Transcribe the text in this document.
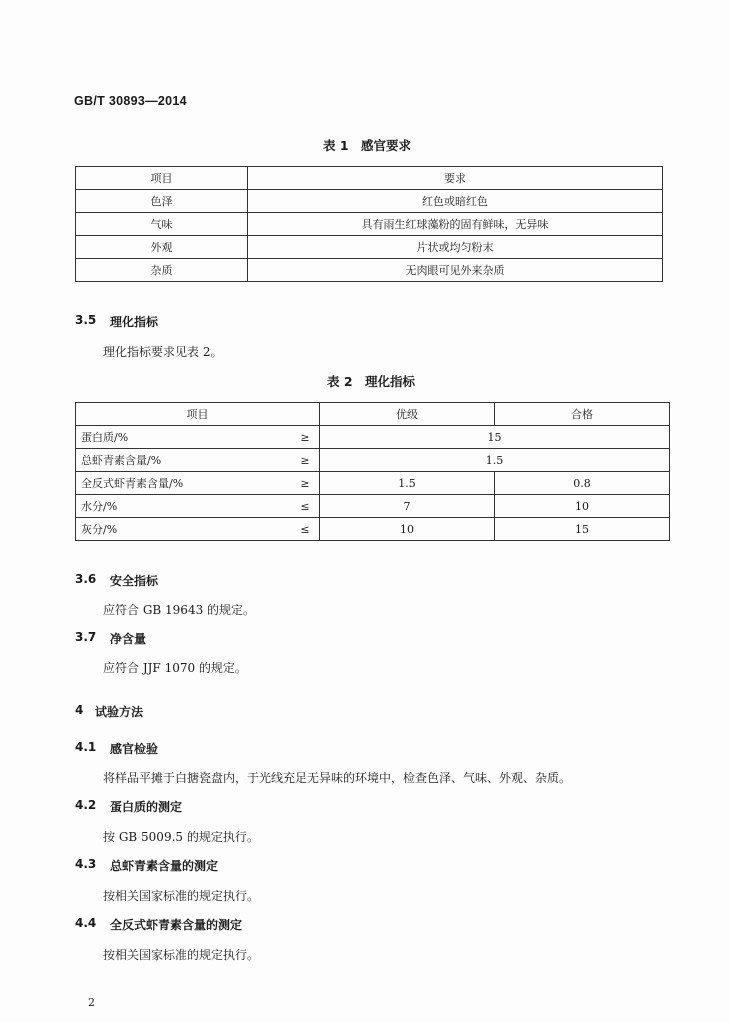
GB/T 30893—2014
表 1　感官要求
项目	要求
色泽	红色或暗红色
气味	具有雨生红球藻粉的固有鲜味，无异味
外观	片状或均匀粉末
杂质	无肉眼可见外来杂质
3.5 理化指标
理化指标要求见表 2。
表 2　理化指标
项目		优级	合格
蛋白质/%	≥	15	
总虾青素含量/%	≥	1.5	
全反式虾青素含量/%	≥	1.5	0.8
水分/%	≤	7	10
灰分/%	≤	10	15
3.6 安全指标
应符合 GB 19643 的规定。
3.7 净含量
应符合 JJF 1070 的规定。
4 试验方法
4.1 感官检验
将样品平摊于白搪瓷盘内，于光线充足无异味的环境中，检查色泽、气味、外观、杂质。
4.2 蛋白质的测定
按 GB 5009.5 的规定执行。
4.3 总虾青素含量的测定
按相关国家标准的规定执行。
4.4 全反式虾青素含量的测定
按相关国家标准的规定执行。
2
